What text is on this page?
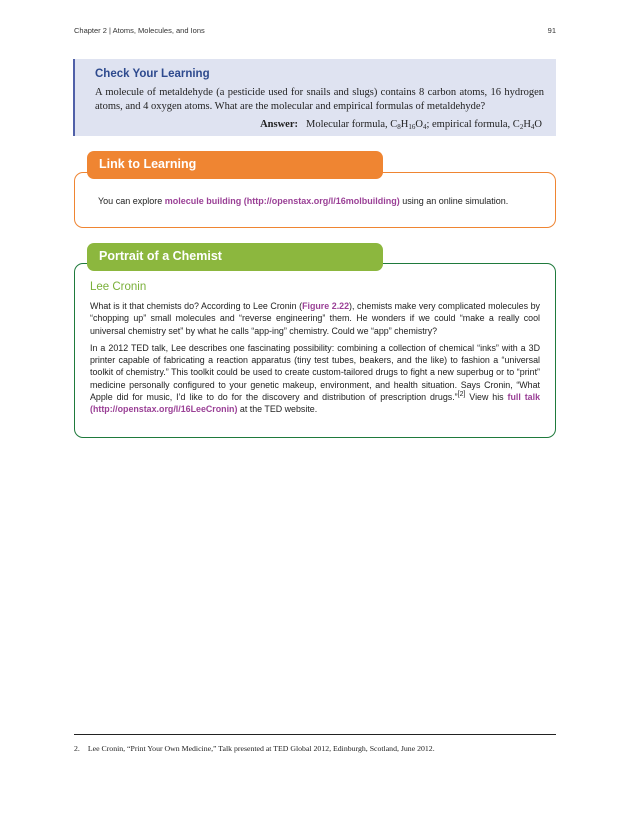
Chapter 2 | Atoms, Molecules, and Ions	91
Check Your Learning
A molecule of metaldehyde (a pesticide used for snails and slugs) contains 8 carbon atoms, 16 hydrogen atoms, and 4 oxygen atoms. What are the molecular and empirical formulas of metaldehyde?
Answer: Molecular formula, $C_8H_{16}O_4$; empirical formula, $C_2H_4O$
Link to Learning
You can explore molecule building (http://openstax.org/l/16molbuilding) using an online simulation.
Portrait of a Chemist
Lee Cronin

What is it that chemists do? According to Lee Cronin (Figure 2.22), chemists make very complicated molecules by “chopping up” small molecules and “reverse engineering” them. He wonders if we could “make a really cool universal chemistry set” by what he calls “app-ing” chemistry. Could we “app” chemistry?

In a 2012 TED talk, Lee describes one fascinating possibility: combining a collection of chemical “inks” with a 3D printer capable of fabricating a reaction apparatus (tiny test tubes, beakers, and the like) to fashion a “universal toolkit of chemistry.” This toolkit could be used to create custom-tailored drugs to fight a new superbug or to “print” medicine personally configured to your genetic makeup, environment, and health situation. Says Cronin, “What Apple did for music, I’d like to do for the discovery and distribution of prescription drugs.”[2] View his full talk (http://openstax.org/l/16LeeCronin) at the TED website.

2. Lee Cronin, “Print Your Own Medicine,” Talk presented at TED Global 2012, Edinburgh, Scotland, June 2012.
